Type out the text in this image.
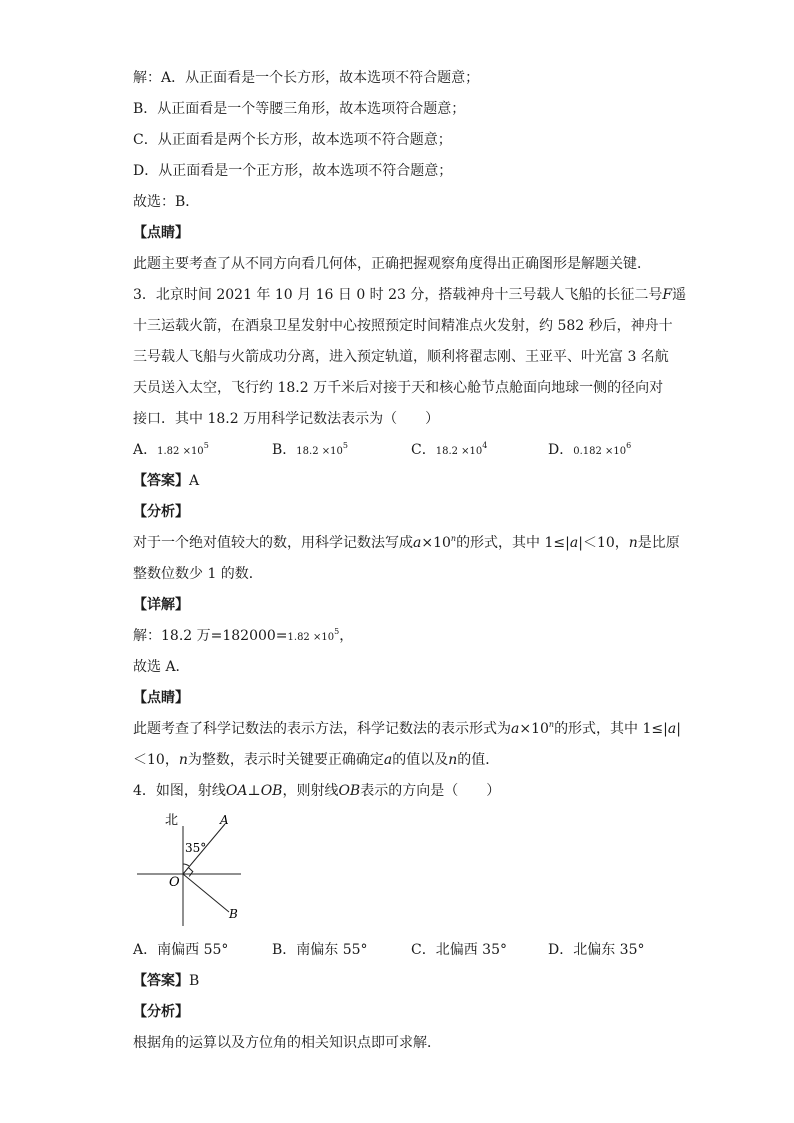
解：A．从正面看是一个长方形，故本选项不符合题意；
B．从正面看是一个等腰三角形，故本选项符合题意；
C．从正面看是两个长方形，故本选项不符合题意；
D．从正面看是一个正方形，故本选项不符合题意；
故选：B．
【点睛】
此题主要考查了从不同方向看几何体，正确把握观察角度得出正确图形是解题关键．
3．北京时间 2021 年 10 月 16 日 0 时 23 分，搭载神舟十三号载人飞船的长征二号F遥
十三运载火箭，在酒泉卫星发射中心按照预定时间精准点火发射，约 582 秒后，神舟十
三号载人飞船与火箭成功分离，进入预定轨道，顺利将翟志刚、王亚平、叶光富 3 名航
天员送入太空，飞行约 18.2 万千米后对接于天和核心舱节点舱面向地球一侧的径向对
接口．其中 18.2 万用科学记数法表示为（　　）
A．$1.82 \times 10^5$	B．$18.2 \times 10^5$	C．$18.2 \times 10^4$	D．$0.182 \times 10^6$
【答案】A
【分析】
对于一个绝对值较大的数，用科学记数法写成$a\times 10^n$的形式，其中 1≤|a|＜10，n是比原
整数位数少 1 的数．
【详解】
解：18.2 万$=182000=1.82 \times 10^5$，
故选 A．
【点睛】
此题考查了科学记数法的表示方法，科学记数法的表示形式为$a\times 10^n$的形式，其中 1≤|a|
＜10，n为整数，表示时关键要正确确定a的值以及n的值．
4．如图，射线OA⊥OB，则射线OB表示的方向是（　　）
北
35°
O
A
B
A．南偏西 55°	B．南偏东 55°	C．北偏西 35°	D．北偏东 35°
【答案】B
【分析】
根据角的运算以及方位角的相关知识点即可求解．
